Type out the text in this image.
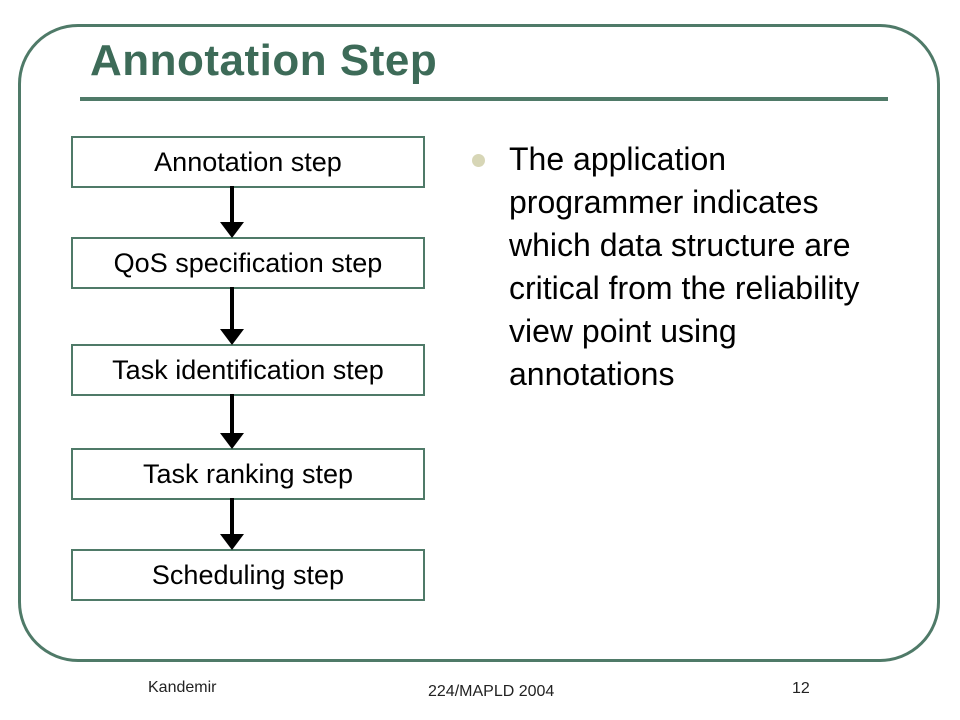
Annotation Step
Annotation step
QoS specification step
Task identification step
Task ranking step
Scheduling step

The application programmer indicates which data structure are critical from the reliability view point using annotations

Kandemir	224/MAPLD 2004	12
